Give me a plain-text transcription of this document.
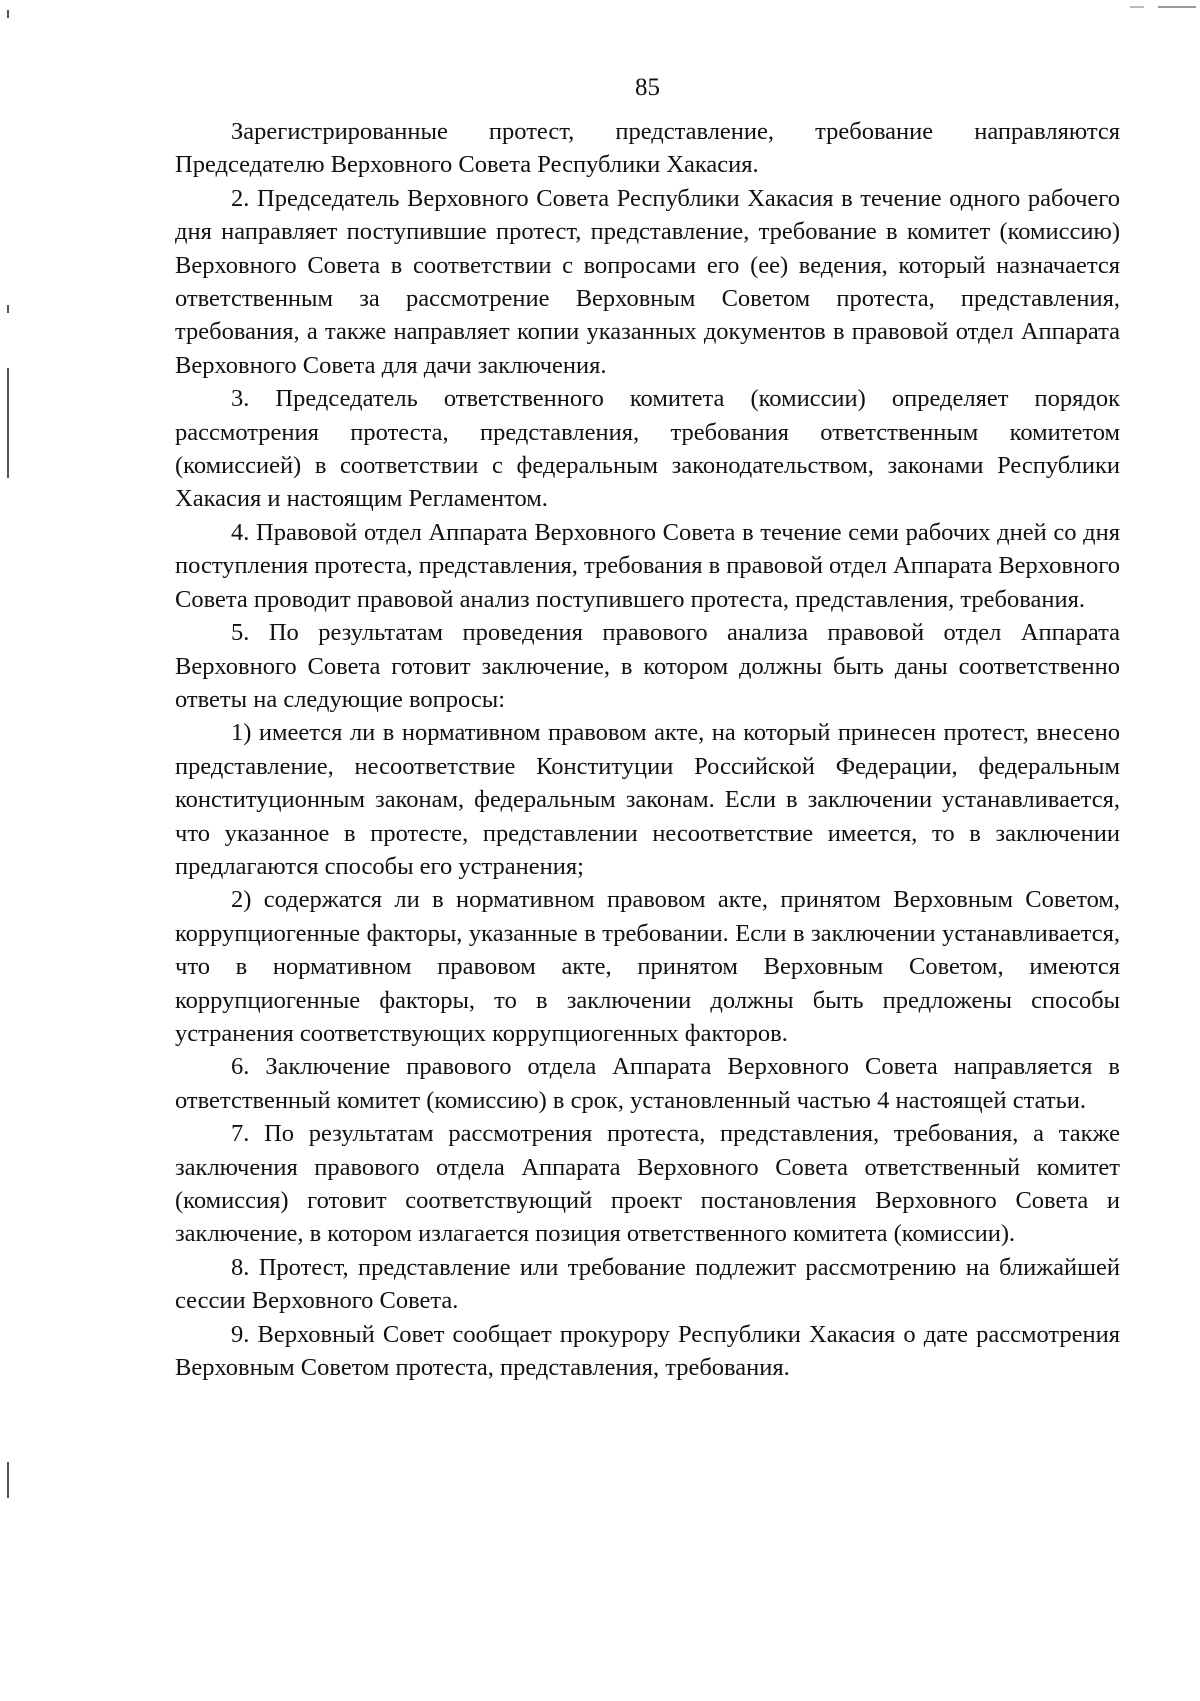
85

Зарегистрированные протест, представление, требование направляются Председателю Верховного Совета Республики Хакасия.

2. Председатель Верховного Совета Республики Хакасия в течение одного рабочего дня направляет поступившие протест, представление, требование в комитет (комиссию) Верховного Совета в соответствии с вопросами его (ее) ведения, который назначается ответственным за рассмотрение Верховным Советом протеста, представления, требования, а также направляет копии указанных документов в правовой отдел Аппарата Верховного Совета для дачи заключения.

3. Председатель ответственного комитета (комиссии) определяет порядок рассмотрения протеста, представления, требования ответственным комитетом (комиссией) в соответствии с федеральным законодательством, законами Республики Хакасия и настоящим Регламентом.

4. Правовой отдел Аппарата Верховного Совета в течение семи рабочих дней со дня поступления протеста, представления, требования в правовой отдел Аппарата Верховного Совета проводит правовой анализ поступившего протеста, представления, требования.

5. По результатам проведения правового анализа правовой отдел Аппарата Верховного Совета готовит заключение, в котором должны быть даны соответственно ответы на следующие вопросы:

1) имеется ли в нормативном правовом акте, на который принесен протест, внесено представление, несоответствие Конституции Российской Федерации, федеральным конституционным законам, федеральным законам. Если в заключении устанавливается, что указанное в протесте, представлении несоответствие имеется, то в заключении предлагаются способы его устранения;

2) содержатся ли в нормативном правовом акте, принятом Верховным Советом, коррупциогенные факторы, указанные в требовании. Если в заключении устанавливается, что в нормативном правовом акте, принятом Верховным Советом, имеются коррупциогенные факторы, то в заключении должны быть предложены способы устранения соответствующих коррупциогенных факторов.

6. Заключение правового отдела Аппарата Верховного Совета направляется в ответственный комитет (комиссию) в срок, установленный частью 4 настоящей статьи.

7. По результатам рассмотрения протеста, представления, требования, а также заключения правового отдела Аппарата Верховного Совета ответственный комитет (комиссия) готовит соответствующий проект постановления Верховного Совета и заключение, в котором излагается позиция ответственного комитета (комиссии).

8. Протест, представление или требование подлежит рассмотрению на ближайшей сессии Верховного Совета.

9. Верховный Совет сообщает прокурору Республики Хакасия о дате рассмотрения Верховным Советом протеста, представления, требования.
